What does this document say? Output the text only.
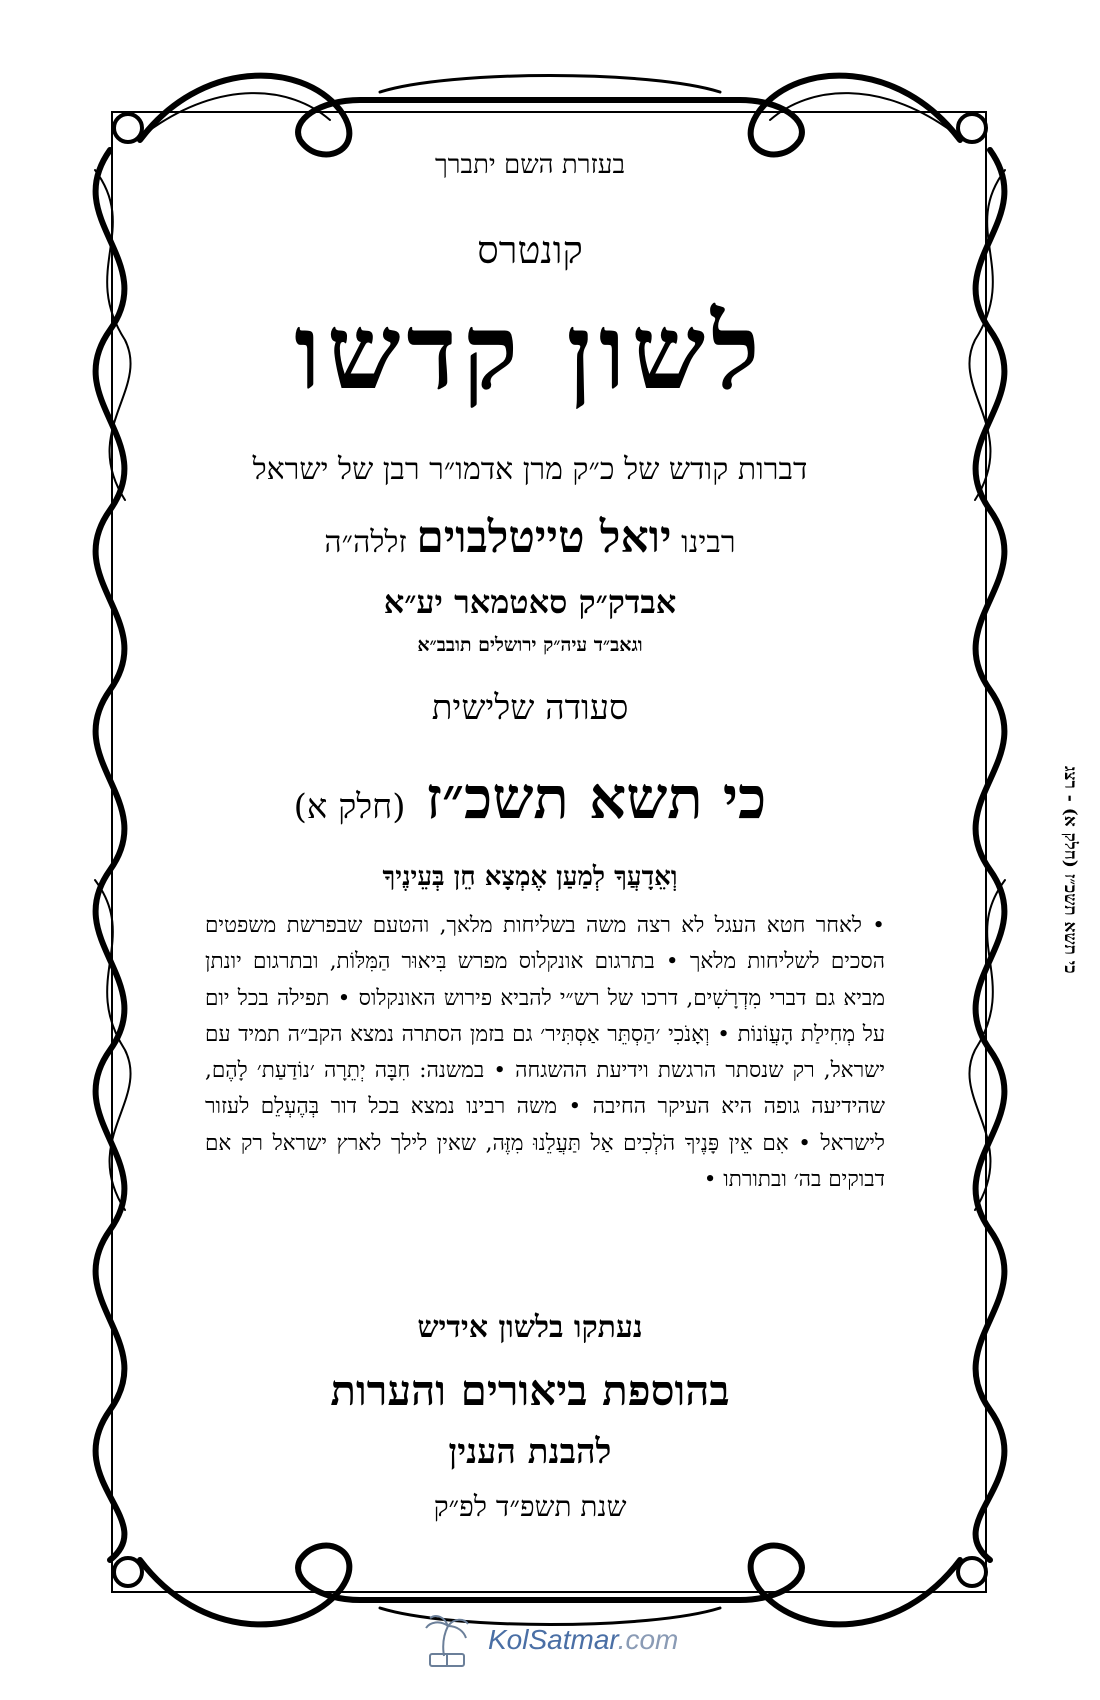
בעזרת השם יתברך
קונטרס
לשון קדשו
דברות קודש של כ״ק מרן אדמו״ר רבן של ישראל
רבינו יואל טייטלבוים זללה״ה
אבדק״ק סאטמאר יע״א
וגאב״ד עיה״ק ירושלים תובב״א
סעודה שלישית
כי תשא תשכ״ז (חלק א)
וְאֵדָעֲךָ לְמַעַן אֶמְצָא חֵן בְּעֵינֶיךָ
• לאחר חטא העגל לא רצה משה בשליחות מלאך, והטעם שבפרשת משפטים הסכים לשליחות מלאך • בתרגום אונקלוס מפרש בִּיאוּר הַמִּלּוֹת, ובתרגום יונתן מביא גם דברי מִדְרָשִׁים, דרכו של רש״י להביא פירוש האונקלוס • תפילה בכל יום על מְחִילַת הָעֲוֹנוֹת • וְאָנֹכִי ׳הַסְתֵּר אַסְתִּיר׳ גם בזמן הסתרה נמצא הקב״ה תמיד עם ישראל, רק שנסתר הרגשת וידיעת ההשגחה • במשנה: חִבָּה יְתֵרָה ׳נוֹדַעַת׳ לָהֶם, שהידיעה גופה היא העיקר החיבה • משה רבינו נמצא בכל דור בְּהֶעְלֵם לעזור לישראל • אִם אֵין פָּנֶיךָ הֹלְכִים אַל תַּעֲלֵנוּ מִזֶּה, שאין לילך לארץ ישראל רק אם דבוקים בה׳ ובתורתו •
נעתקו בלשון אידיש
בהוספת ביאורים והערות
להבנת הענין
שנת תשפ״ד לפ״ק
כי תשא תשכ״ז (חלק א) - רצג
KolSatmar.com
